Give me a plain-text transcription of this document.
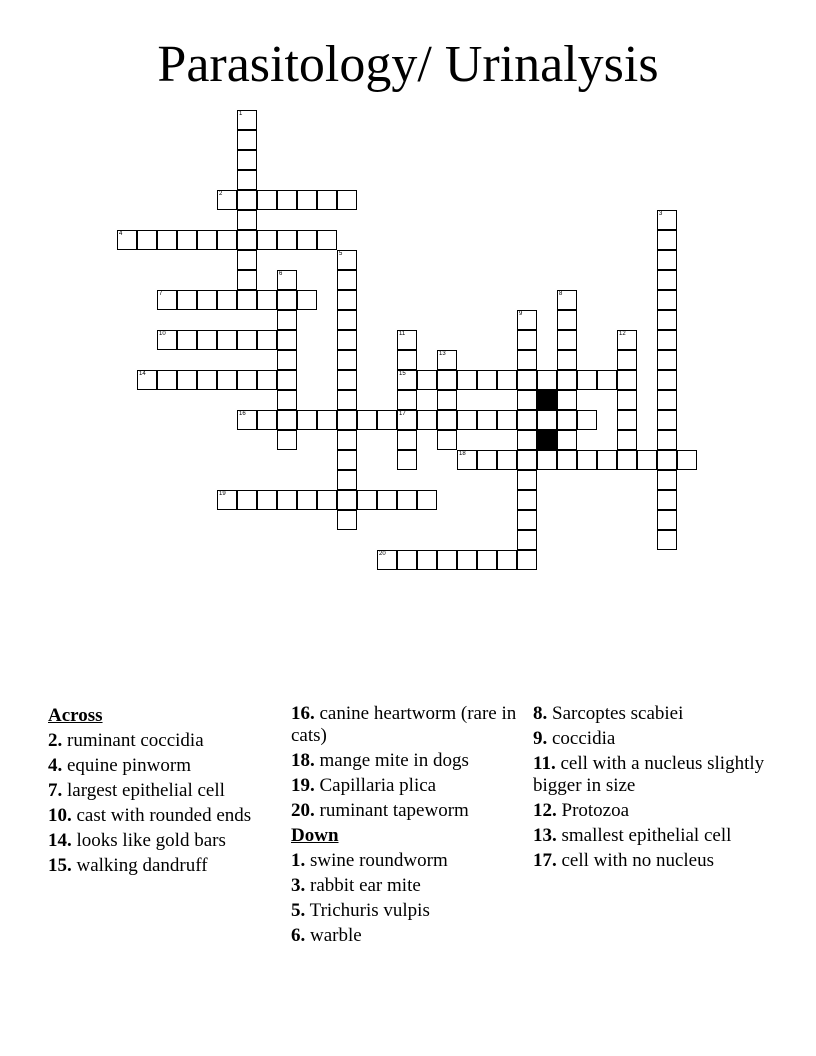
Parasitology/ Urinalysis
1
2
3
4
5
6
7	8
9
10	11
15
17
12
13
14
16
18
19
20
Across
2. ruminant coccidia
4. equine pinworm
7. largest epithelial cell
10. cast with rounded ends
14. looks like gold bars
15. walking dandruff
16. canine heartworm (rare in cats)
18. mange mite in dogs
19. Capillaria plica
20. ruminant tapeworm
Down
1. swine roundworm
3. rabbit ear mite
5. Trichuris vulpis
6. warble
8. Sarcoptes scabiei
9. coccidia
11. cell with a nucleus slightly bigger in size
12. Protozoa
13. smallest epithelial cell
17. cell with no nucleus
